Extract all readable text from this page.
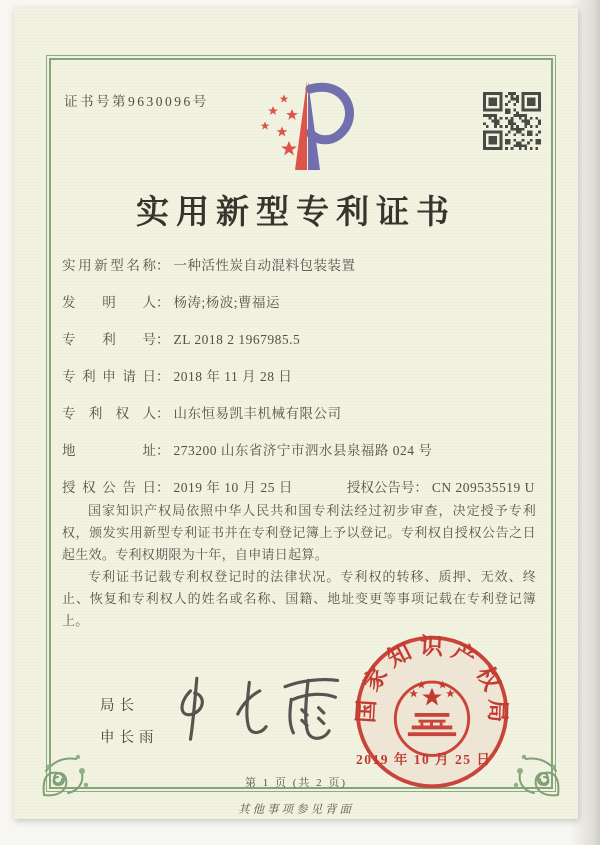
证书号第9630096号
实用新型专利证书
实用新型名称 ： 一种活性炭自动混料包装装置
发明人 ： 杨涛;杨波;曹福运
专利号 ： ZL 2018 2 1967985.5
专利申请日 ： 2018 年 11 月 28 日
专利权人 ： 山东恒易凯丰机械有限公司
地址 ： 273200 山东省济宁市泗水县泉福路 024 号
授权公告日 ： 2019 年 10 月 25 日	授权公告号 ： CN 209535519 U

国家知识产权局依照中华人民共和国专利法经过初步审查，决定授予专利权，颁发实用新型专利证书并在专利登记簿上予以登记。专利权自授权公告之日起生效。专利权期限为十年，自申请日起算。

专利证书记载专利权登记时的法律状况。专利权的转移、质押、无效、终止、恢复和专利权人的姓名或名称、国籍、地址变更等事项记载在专利登记簿上。

局长
申长雨
国家知识产权局
2019 年 10 月 25 日
第 1 页 (共 2 页)
其他事项参见背面
